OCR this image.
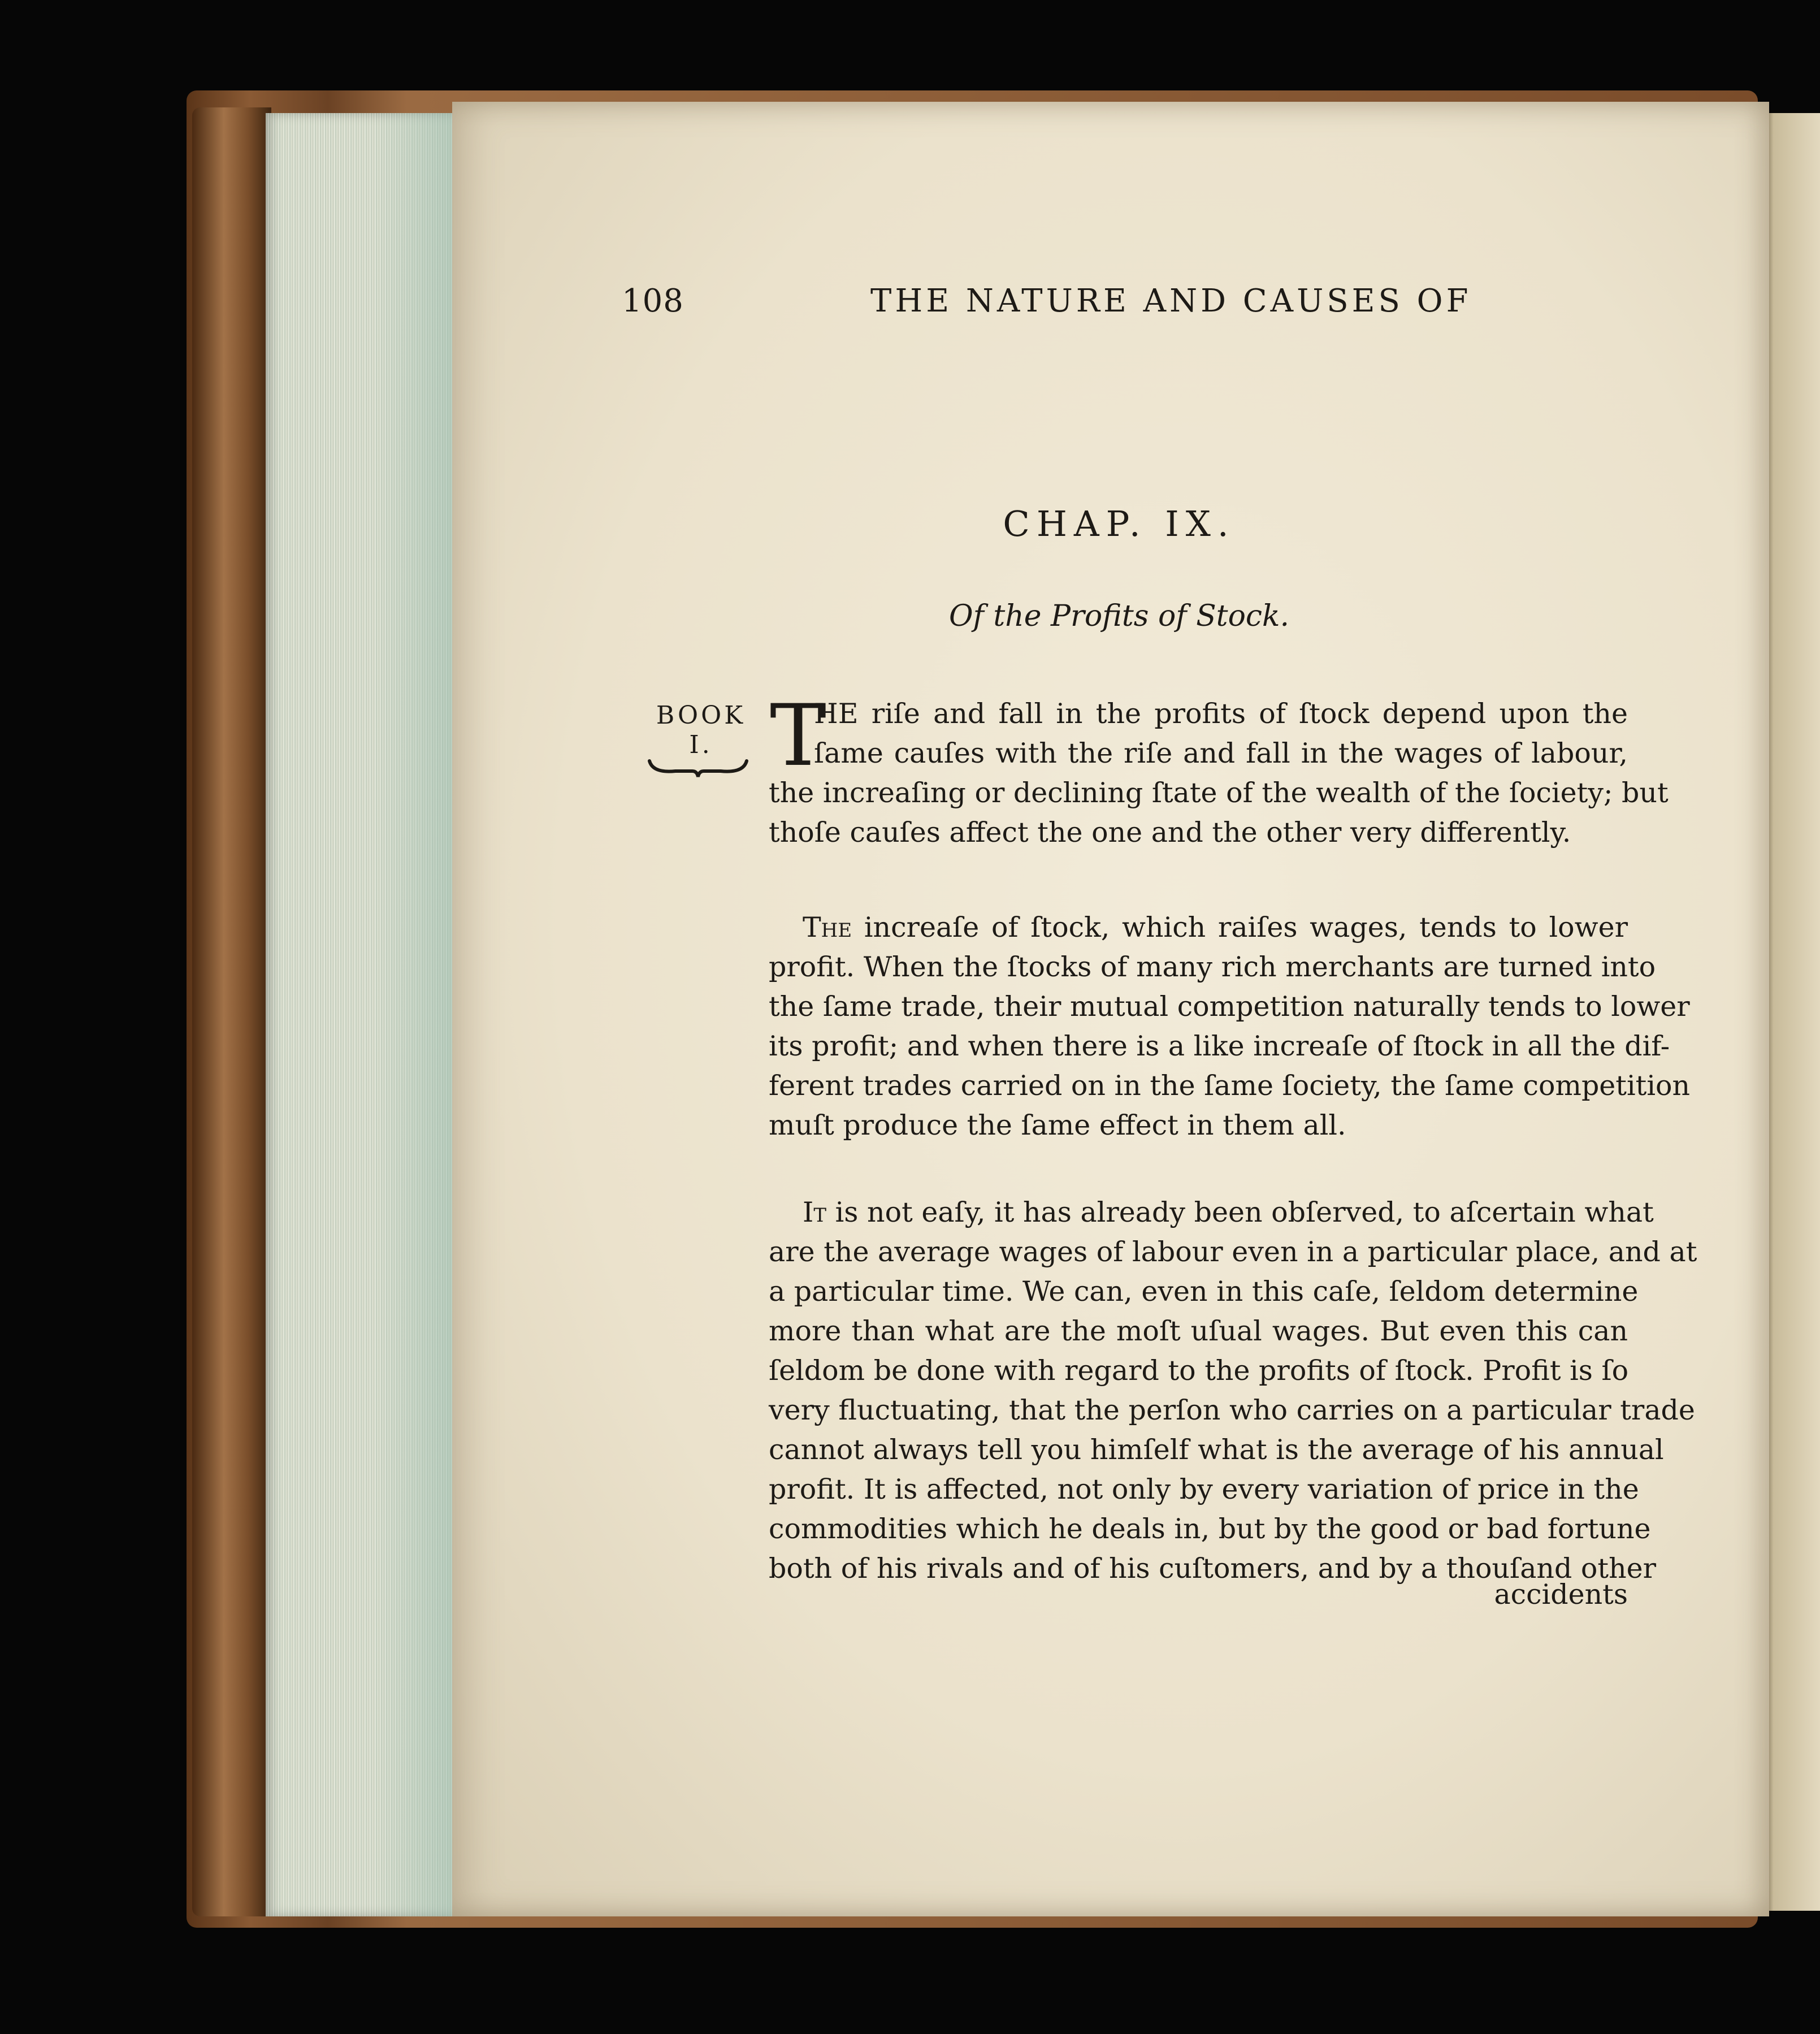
108	THE NATURE AND CAUSES OF
CHAP. IX.
Of the Profits of Stock.
BOOK
I. T
HE riſe and fall in the profits of ſtock depend upon the
ſame cauſes with the riſe and fall in the wages of labour,
the increaſing or declining ſtate of the wealth of the ſociety; but
thoſe cauſes affect the one and the other very differently.
The increaſe of ſtock, which raiſes wages, tends to lower
profit. When the ſtocks of many rich merchants are turned into
the ſame trade, their mutual competition naturally tends to lower
its profit; and when there is a like increaſe of ſtock in all the dif-
ferent trades carried on in the ſame ſociety, the ſame competition
muſt produce the ſame effect in them all.
It is not eaſy, it has already been obſerved, to aſcertain what
are the average wages of labour even in a particular place, and at
a particular time. We can, even in this caſe, ſeldom determine
more than what are the moſt uſual wages. But even this can
ſeldom be done with regard to the profits of ſtock. Profit is ſo
very fluctuating, that the perſon who carries on a particular trade
cannot always tell you himſelf what is the average of his annual
profit. It is affected, not only by every variation of price in the
commodities which he deals in, but by the good or bad fortune
both of his rivals and of his cuſtomers, and by a thouſand other
accidents
